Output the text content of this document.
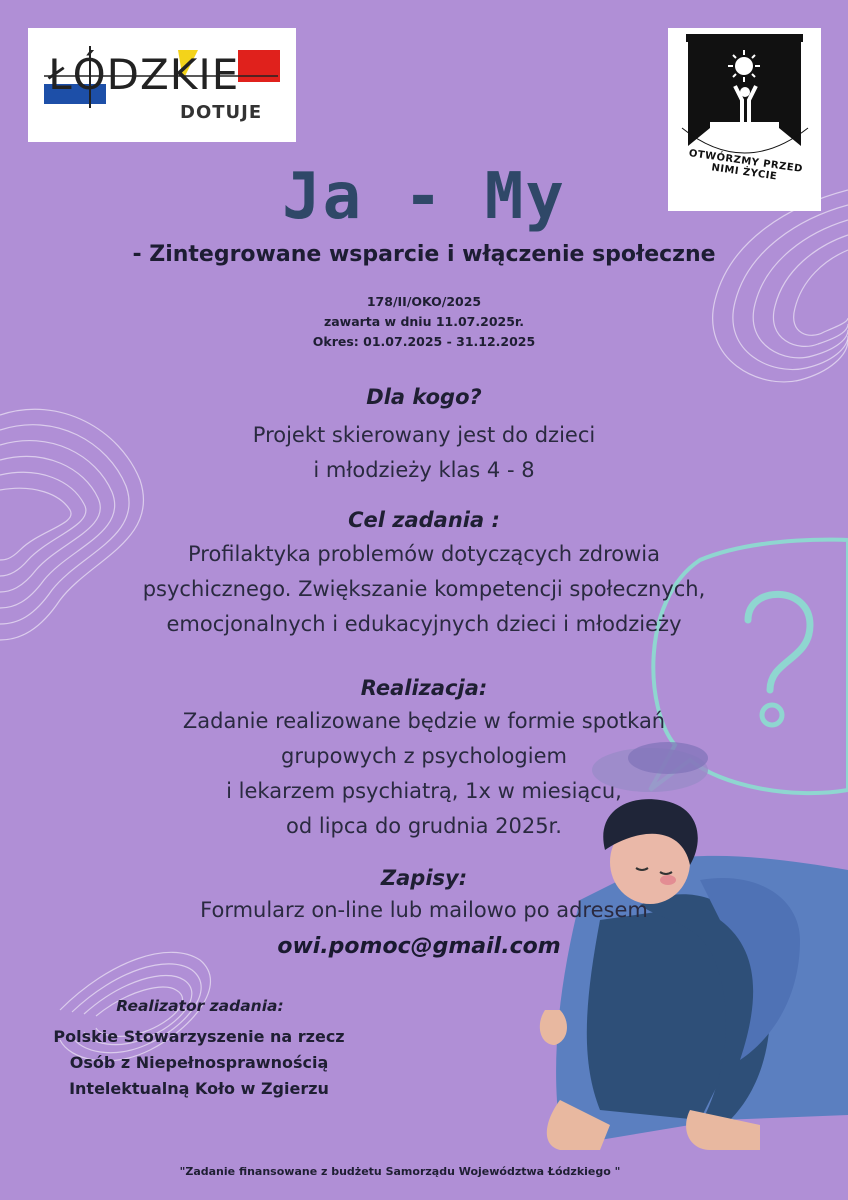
ŁÓDZKIE
DOTUJE
OTWÓRZMY PRZED NIMI ŻYCIE
Ja - My
- Zintegrowane wsparcie i włączenie społeczne
178/II/OKO/2025
zawarta w dniu 11.07.2025r.
Okres: 01.07.2025 - 31.12.2025
Dla kogo?
Projekt skierowany jest do dzieci
i młodzieży klas 4 - 8
Cel zadania :
Profilaktyka problemów dotyczących zdrowia
psychicznego. Zwiększanie kompetencji społecznych,
emocjonalnych i edukacyjnych dzieci i młodzieży
Realizacja:
Zadanie realizowane będzie w formie spotkań
grupowych z psychologiem
i lekarzem psychiatrą, 1x w miesiącu,
od lipca do grudnia 2025r.
Zapisy:
Formularz on-line lub mailowo po adresem
owi.pomoc@gmail.com
Realizator zadania:
Polskie Stowarzyszenie na rzecz
Osób z Niepełnosprawnością
Intelektualną Koło w Zgierzu
"Zadanie finansowane z budżetu Samorządu Województwa Łódzkiego "
